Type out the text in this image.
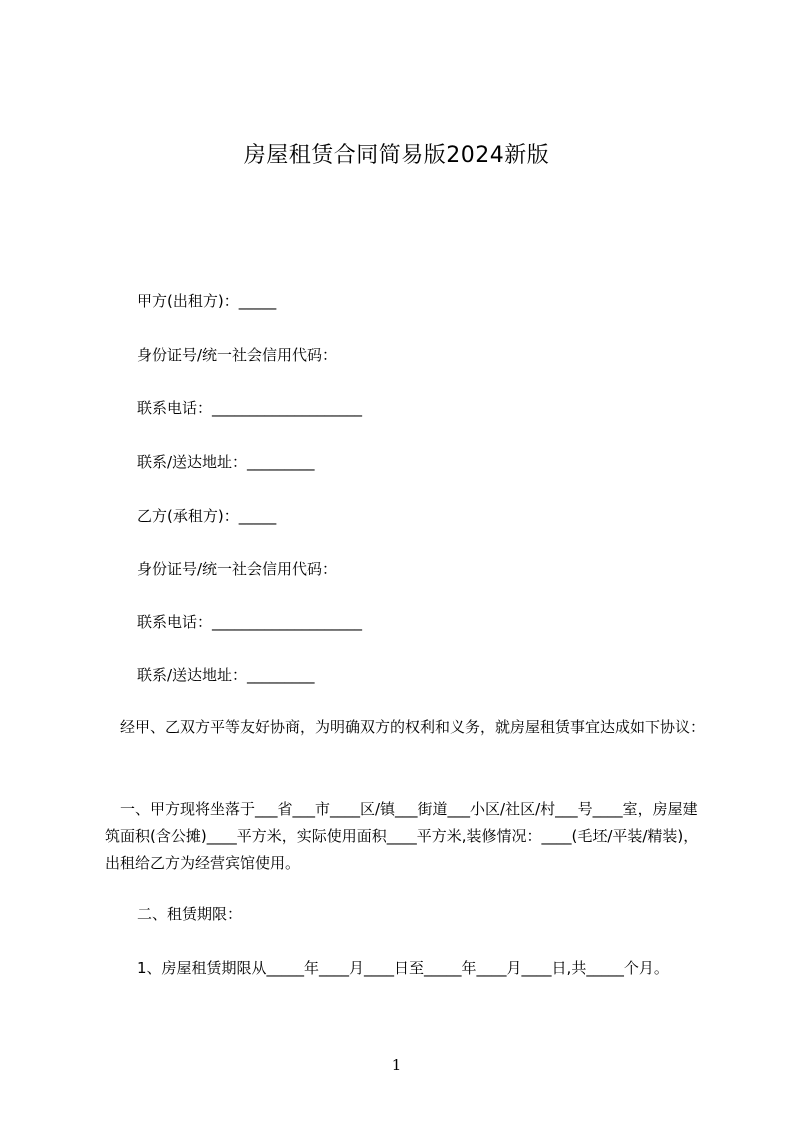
房屋租赁合同简易版2024新版
甲方(出租方)：_____
身份证号/统一社会信用代码：
联系电话：____________________
联系/送达地址：_________
乙方(承租方)：_____
身份证号/统一社会信用代码：
联系电话：____________________
联系/送达地址：_________
　经甲、乙双方平等友好协商，为明确双方的权利和义务，就房屋租赁事宜达成如下协议：
　一、甲方现将坐落于___省___市____区/镇___街道___小区/社区/村___号____室，房屋建筑面积(含公摊)____平方米，实际使用面积____平方米,装修情况：____(毛坯/平装/精装)，出租给乙方为经营宾馆使用。
二、租赁期限：
1、房屋租赁期限从_____年____月____日至_____年____月____日,共_____个月。
1
